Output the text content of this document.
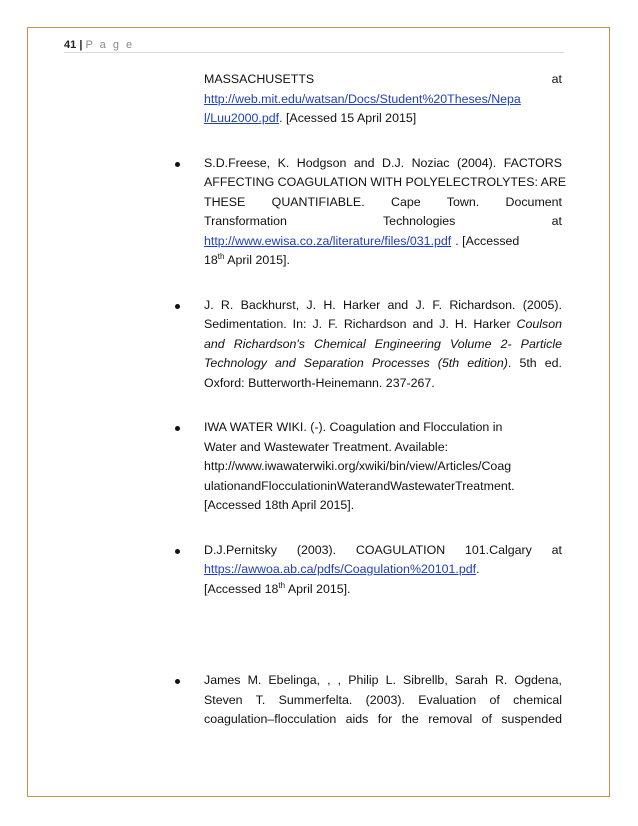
41 | P a g e
MASSACHUSETTS	at
http://web.mit.edu/watsan/Docs/Student%20Theses/Nepa
l/Luu2000.pdf. [Acessed 15 April 2015]
S.D.Freese, K. Hodgson and D.J. Noziac (2004). FACTORS
AFFECTING COAGULATION WITH POLYELECTROLYTES: ARE
THESE QUANTIFIABLE. Cape Town. Document
Transformation	Technologies	at
http://www.ewisa.co.za/literature/files/031.pdf . [Accessed
18th April 2015].
J. R. Backhurst, J. H. Harker and J. F. Richardson. (2005).
Sedimentation. In: J. F. Richardson and J. H. Harker Coulson
and Richardson's Chemical Engineering Volume 2- Particle
Technology and Separation Processes (5th edition). 5th ed.
Oxford: Butterworth-Heinemann. 237-267.
IWA WATER WIKI. (-). Coagulation and Flocculation in
Water and Wastewater Treatment. Available:
http://www.iwawaterwiki.org/xwiki/bin/view/Articles/Coag
ulationandFlocculationinWaterandWastewaterTreatment.
[Accessed 18th April 2015].
D.J.Pernitsky (2003). COAGULATION 101.Calgary at
https://awwoa.ab.ca/pdfs/Coagulation%20101.pdf.
[Accessed 18th April 2015].
James M. Ebelinga, , , Philip L. Sibrellb, Sarah R. Ogdena,
Steven T. Summerfelta. (2003). Evaluation of chemical
coagulation–flocculation aids for the removal of suspended
